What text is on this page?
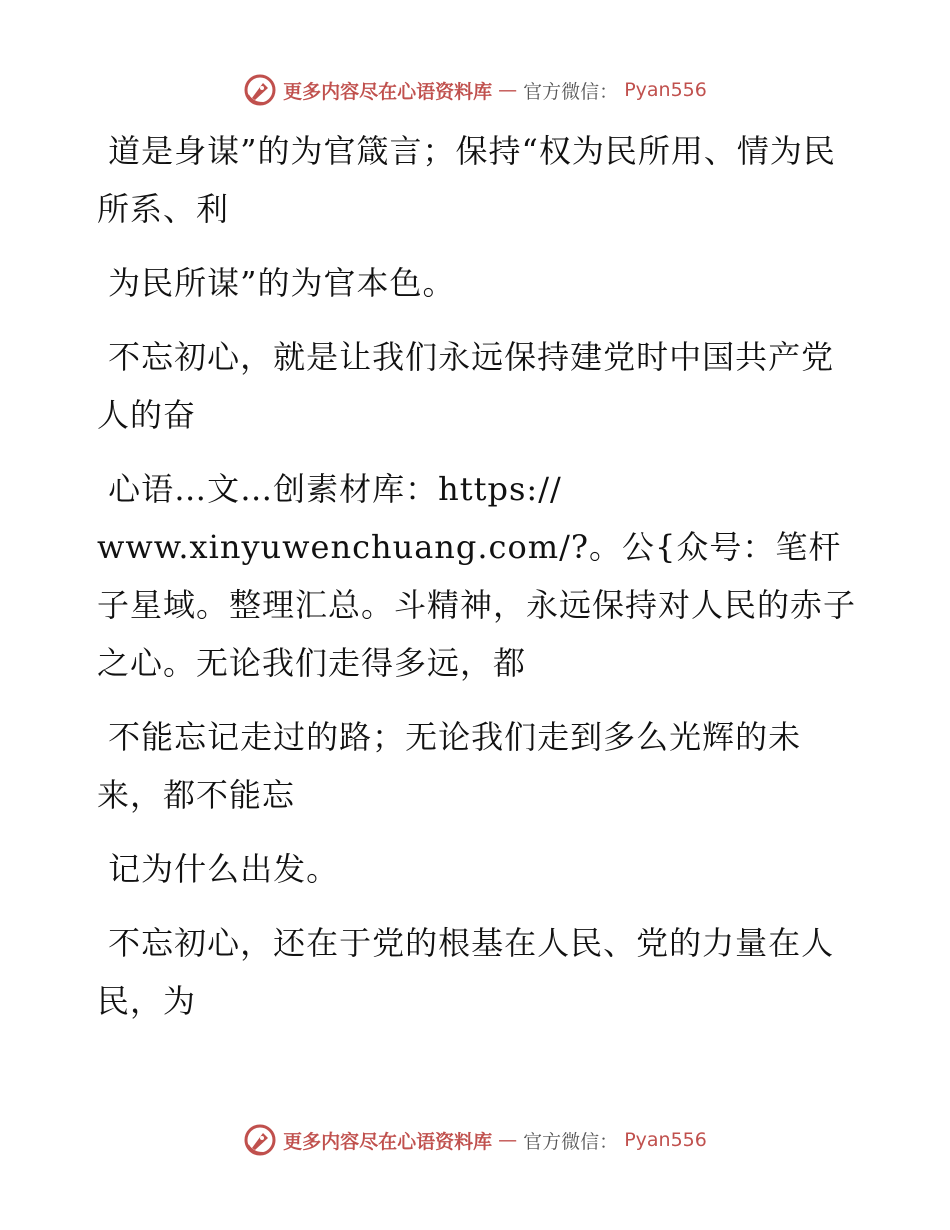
更多内容尽在心语资料库 — 官方微信： Pyan556

道是身谋”的为官箴言；保持“权为民所用、情为民所系、利

为民所谋”的为官本色。

不忘初心，就是让我们永远保持建党时中国共产党人的奋

心语…文…创素材库：https://
www.xinyuwenchuang.com/?。公{众号：笔杆子星域。整理汇总。斗精神，永远保持对人民的赤子之心。无论我们走得多远，都

不能忘记走过的路；无论我们走到多么光辉的未来，都不能忘

记为什么出发。

不忘初心，还在于党的根基在人民、党的力量在人民，为

更多内容尽在心语资料库 — 官方微信： Pyan556
